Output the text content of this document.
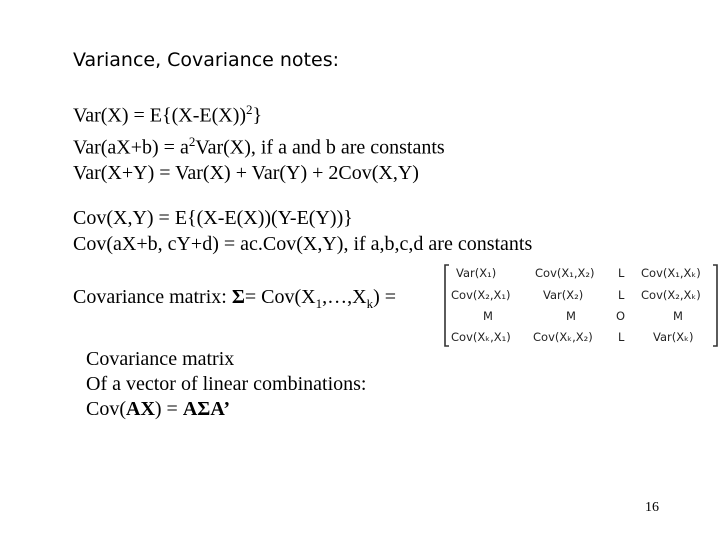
Variance, Covariance notes:
$Var(X) = E\{(X-E(X))^2\}$
$Var(aX+b) = a^2Var(X)$, if a and b are constants
Var(X+Y) = Var(X) + Var(Y) + 2Cov(X,Y)
Cov(X,Y) = E{(X-E(X))(Y-E(Y))}
Cov(aX+b, cY+d) = ac.Cov(X,Y), if a,b,c,d are constants
Covariance matrix: $\Sigma= Cov(X_1,\dots,X_k)$ =
Var(X₁)	Cov(X₁,X₂) L Cov(X₁,Xₖ)
Cov(X₂,X₁)	Var(X₂)	L Cov(X₂,Xₖ)
M	M	O	M
Cov(Xₖ,X₁) Cov(Xₖ,X₂) L Var(Xₖ)
Covariance matrix
Of a vector of linear combinations:
Cov(AX) = AΣA’
16
